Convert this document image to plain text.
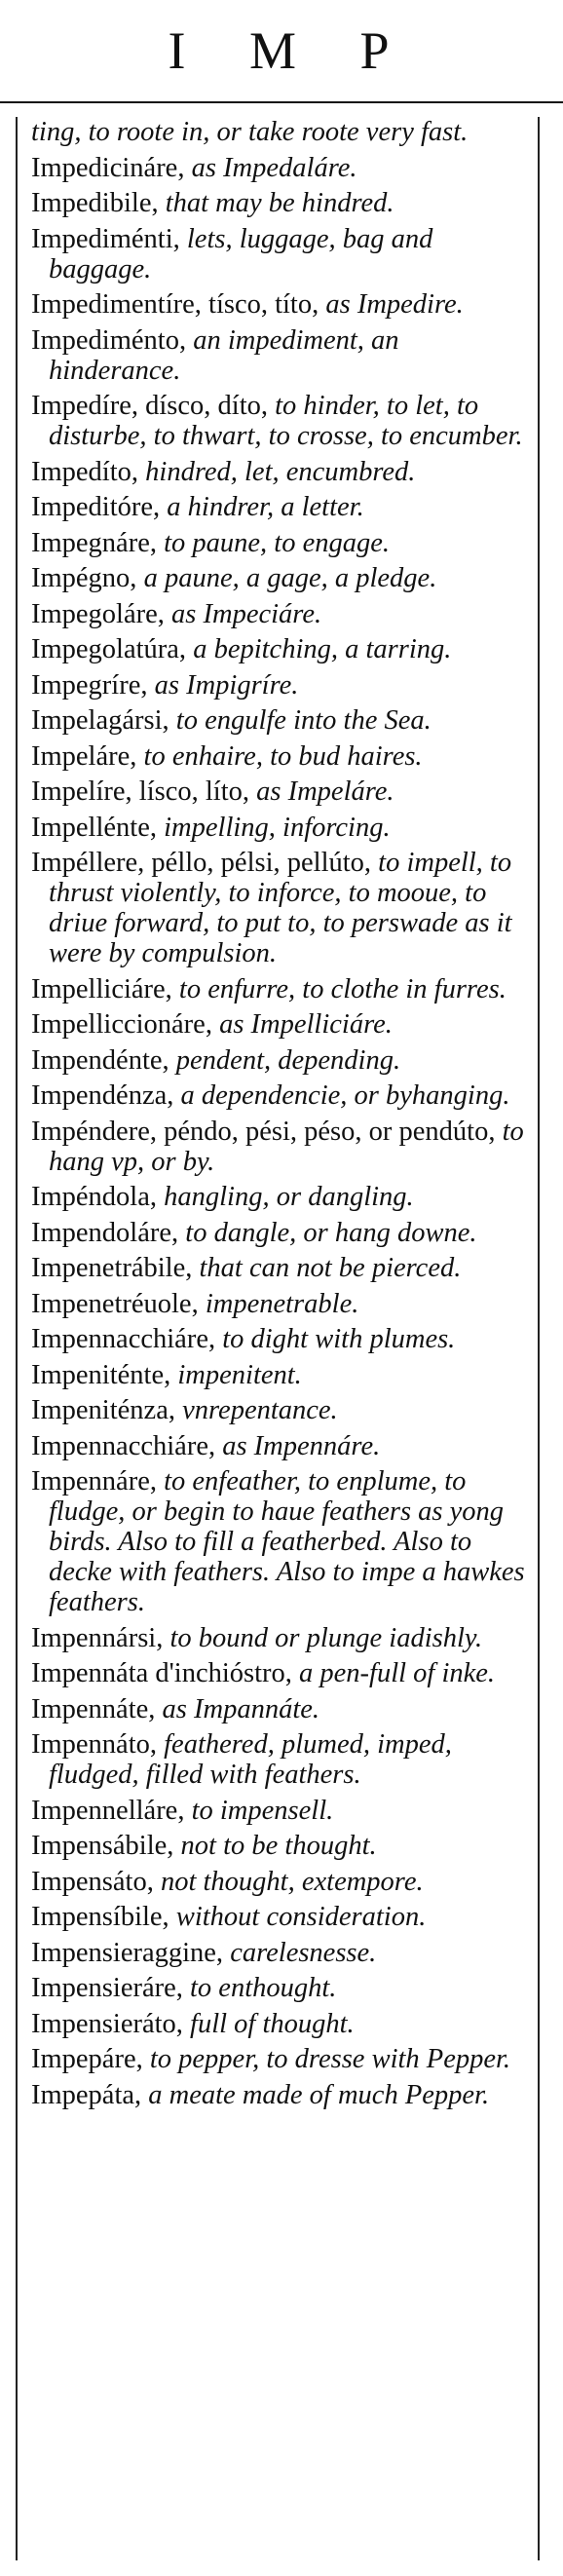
I M P

ting, to roote in, or take roote very fast.

Impedicináre, as Impedaláre.

Impedibile, that may be hindred.

Impediménti, lets, luggage, bag and baggage.

Impedimentíre, tísco, títo, as Impedire.

Impediménto, an impediment, an hinderance.

Impedíre, dísco, díto, to hinder, to let, to disturbe, to thwart, to crosse, to encumber.

Impedíto, hindred, let, encumbred.

Impeditóre, a hindrer, a letter.

Impegnáre, to paune, to engage.

Impégno, a paune, a gage, a pledge.

Impegoláre, as Impeciáre.

Impegolatúra, a bepitching, a tarring.

Impegríre, as Impigríre.

Impelagársi, to engulfe into the Sea.

Impeláre, to enhaire, to bud haires.

Impelíre, lísco, líto, as Impeláre.

Impellénte, impelling, inforcing.

Impéllere, péllo, pélsi, pellúto, to impell, to thrust violently, to inforce, to mooue, to driue forward, to put to, to perswade as it were by compulsion.

Impelliciáre, to enfurre, to clothe in furres.

Impelliccionáre, as Impelliciáre.

Impendénte, pendent, depending.

Impendénza, a dependencie, or byhanging.

Impéndere, péndo, pési, péso, or pendúto, to hang vp, or by.

Impéndola, hangling, or dangling.

Impendoláre, to dangle, or hang downe.

Impenetrábile, that can not be pierced.

Impenetréuole, impenetrable.

Impennacchiáre, to dight with plumes.

Impeniténte, impenitent.

Impeniténza, vnrepentance.

Impennacchiáre, as Impennáre.

Impennáre, to enfeather, to enplume, to fludge, or begin to haue feathers as yong birds. Also to fill a featherbed. Also to decke with feathers. Also to impe a hawkes feathers.

Impennársi, to bound or plunge iadishly.

Impennáta d'inchióstro, a pen-full of inke.

Impennáte, as Impannáte.

Impennáto, feathered, plumed, imped, fludged, filled with feathers.

Impennelláre, to impensell.

Impensábile, not to be thought.

Impensáto, not thought, extempore.

Impensíbile, without consideration.

Impensieraggine, carelesnesse.

Impensieráre, to enthought.

Impensieráto, full of thought.

Impepáre, to pepper, to dresse with Pepper.

Impepáta, a meate made of much Pepper.
